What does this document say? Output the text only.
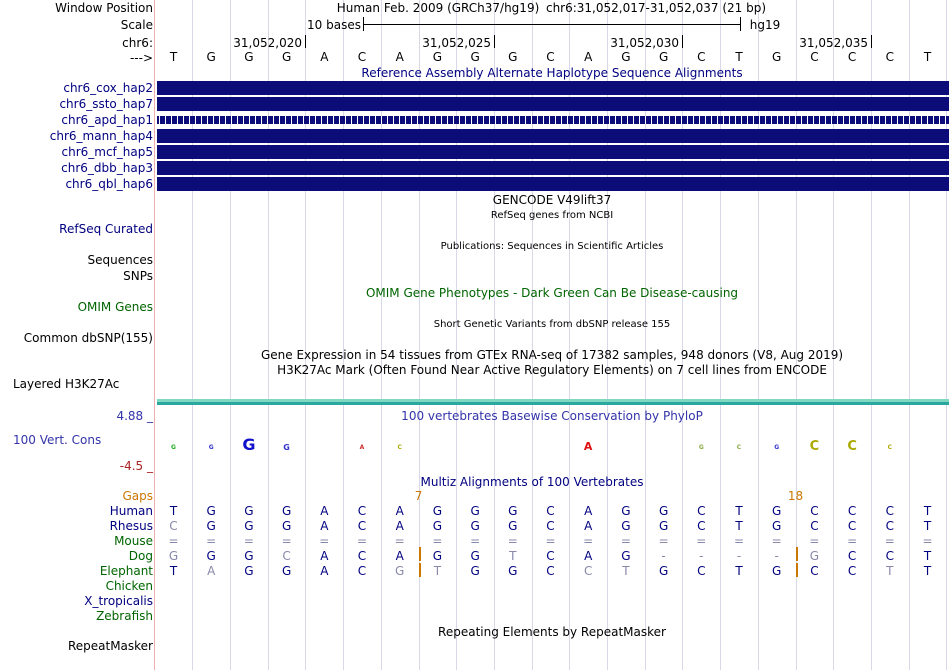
Window Position
Scale
chr6:
--->
Human Feb. 2009 (GRCh37/hg19) chr6:31,052,017-31,052,037 (21 bp)
10 bases	hg19
31,052,020	31,052,025	31,052,030	31,052,035
T G G G A C A G G G C A G G C T G C C C T
Reference Assembly Alternate Haplotype Sequence Alignments
chr6_cox_hap2
chr6_ssto_hap7
chr6_apd_hap1
chr6_mann_hap4
chr6_mcf_hap5
chr6_dbb_hap3
chr6_qbl_hap6
GENCODE V49lift37
RefSeq genes from NCBI
RefSeq Curated
Publications: Sequences in Scientific Articles
Sequences
SNPs
OMIM Gene Phenotypes - Dark Green Can Be Disease-causing
OMIM Genes
Short Genetic Variants from dbSNP release 155
Common dbSNP(155)
Gene Expression in 54 tissues from GTEx RNA-seq of 17382 samples, 948 donors (V8, Aug 2019)
H3K27Ac Mark (Often Found Near Active Regulatory Elements) on 7 cell lines from ENCODE
Layered H3K27Ac
100 vertebrates Basewise Conservation by PhyloP
4.88 _
100 Vert. Cons
-4.5 _
G	G G	G	A	C	A	G	C	G C C	C
Multiz Alignments of 100 Vertebrates
Gaps	7	18
Human T G G G A C A G G G C A G G C T G C C C T
Rhesus C G G G A C A G G G C A G G C T G C C C T
Mouse = = = = = = = = = = = = = = = = = = = = =
Dog G G G C A C A G G T C A G	-	-	-	-	G C C T
Elephant T A G G A C G T G G C C T G C T G C C T	T
Chicken
X_tropicalis
Zebrafish
Repeating Elements by RepeatMasker
RepeatMasker
